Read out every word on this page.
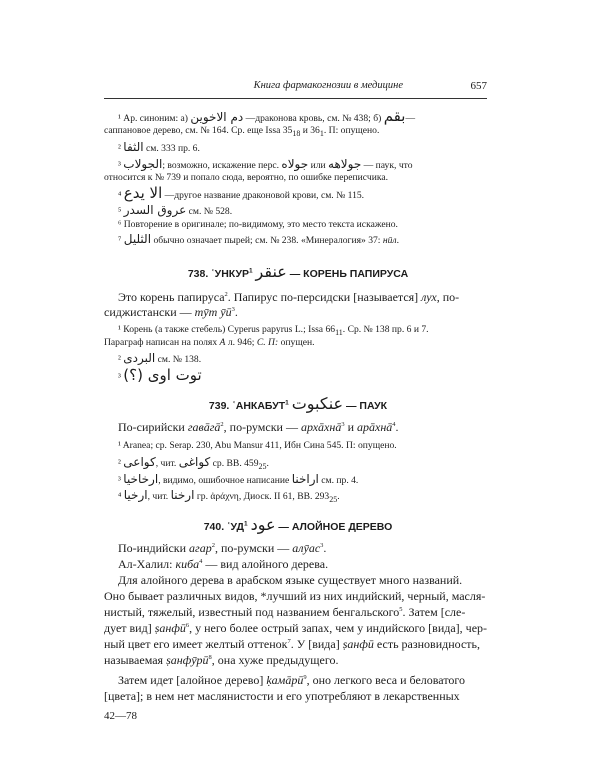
Книга фармакогнозии в медицине	657
¹ Ар. синоним: а) دم الاخوين —драконова кровь, см. № 438; б) بقم—
саппановое дерево, см. № 164. Ср. еще Issa $35_{18}$ и $36_1$. П: опущено.
² الثفا см. 333 пр. 6.
³ الجولاب; возможно, искажение перс. جولاه или جولاهه — паук, что
относится к № 739 и попало сюда, вероятно, по ошибке переписчика.
⁴ الا يدع —другое название драконовой крови, см. № 115.
⁵ عروق السدر см. № 528.
⁶ Повторение в оригинале; по-видимому, это место текста искажено.
⁷ الثليل обычно означает пырей; см. № 238. «Минералогия» 37: нūл.
738. ʿУНКУР$^1$ عنقر — КОРЕНЬ ПАПИРУСА
Это корень папируса$^2$. Папирус по-персидски [называется] лух, по-
сиджистански — тӯт $ӯӣ^3$.
¹ Корень (а также стебель) Cyperus papyrus L.; Issa $66_{11}$. Ср. № 138 пр. 6 и 7.
Параграф написан на полях А л. 946; С. П: опущен.
² البردی см. № 138.
³ توت اوی (؟)
739. ʿАНКАБУТ$^1$ عنكبوت — ПАУК
По-сирийски гавāгā$^2$, по-румски — архāхнā$^3$ и арāхнā$^4$.
¹ Aranea; ср. Serap. 230, Abu Mansur 411, Ибн Сина 545. П: опущено.
² كواعى, чит. كواغى ср. BB. $459_{25}$.
³ ارخاخيا, видимо, ошибочное написание اراخنا см. пр. 4.
⁴ ارخيا, чит. ارخنا гр. ἀράχνη, Диоск. II 61, BB. $293_{25}$.
740. ʿУД$^1$ عود — АЛОЙНОЕ ДЕРЕВО
По-индийски агар$^2$, по-румски — алӯас$^3$.
Ал-Халил: киба$^4$ — вид алойного дерева.
Для алойного дерева в арабском языке существует много названий.
Оно бывает различных видов, *лучший из них индийский, черный, масля-
нистый, тяжелый, известный под названием бенгальского$^5$. Затем [сле-
дует вид] ṣанфӣ$^6$, у него более острый запах, чем у индийского [вида], чер-
ный цвет его имеет желтый оттенок$^7$. У [вида] ṣанфӣ есть разновидность,
называемая ṣанфӯрӣ$^8$, она хуже предыдущего.
Затем идет [алойное дерево] ḳамāрӣ$^9$, оно легкого веса и беловатого
[цвета]; в нем нет маслянистости и его употребляют в лекарственных
42—78
